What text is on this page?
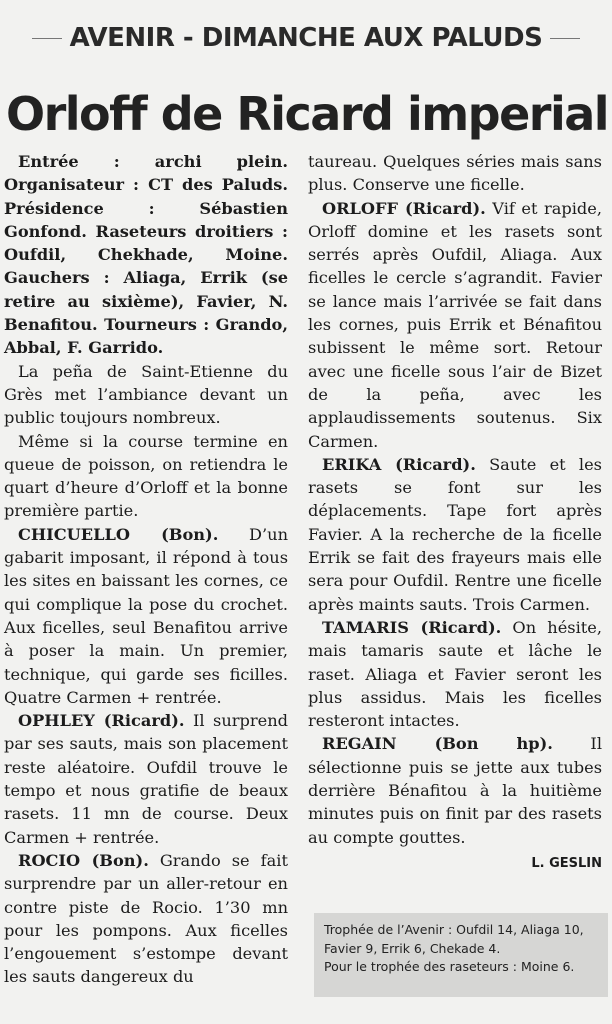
AVENIR - DIMANCHE AUX PALUDS
Orloff de Ricard imperial

Entrée : archi plein. Organisateur : CT des Paluds. Présidence : Sébastien Gonfond. Raseteurs droitiers : Oufdil, Chekhade, Moine. Gauchers : Aliaga, Errik (se retire au sixième), Favier, N. Benafitou. Tourneurs : Grando, Abbal, F. Garrido.

La peña de Saint-Etienne du Grès met l’ambiance devant un public toujours nombreux.

Même si la course termine en queue de poisson, on retiendra le quart d’heure d’Orloff et la bonne première partie.

CHICUELLO (Bon). D’un gabarit imposant, il répond à tous les sites en baissant les cornes, ce qui complique la pose du crochet. Aux ficelles, seul Benafitou arrive à poser la main. Un premier, technique, qui garde ses ficilles. Quatre Carmen + rentrée.

OPHLEY (Ricard). Il surprend par ses sauts, mais son placement reste aléatoire. Oufdil trouve le tempo et nous gratifie de beaux rasets. 11 mn de course. Deux Carmen + rentrée.

ROCIO (Bon). Grando se fait surprendre par un aller-retour en contre piste de Rocio. 1’30 mn pour les pompons. Aux ficelles l’engouement s’estompe devant les sauts dangereux du

taureau. Quelques séries mais sans plus. Conserve une ficelle.

ORLOFF (Ricard). Vif et rapide, Orloff domine et les rasets sont serrés après Oufdil, Aliaga. Aux ficelles le cercle s’agrandit. Favier se lance mais l’arrivée se fait dans les cornes, puis Errik et Bénafitou subissent le même sort. Retour avec une ficelle sous l’air de Bizet de la peña, avec les applaudissements soutenus. Six Carmen.

ERIKA (Ricard). Saute et les rasets se font sur les déplacements. Tape fort après Favier. A la recherche de la ficelle Errik se fait des frayeurs mais elle sera pour Oufdil. Rentre une ficelle après maints sauts. Trois Carmen.

TAMARIS (Ricard). On hésite, mais tamaris saute et lâche le raset. Aliaga et Favier seront les plus assidus. Mais les ficelles resteront intactes.

REGAIN (Bon hp). Il sélectionne puis se jette aux tubes derrière Bénafitou à la huitième minutes puis on finit par des rasets au compte gouttes.

L. GESLIN

Trophée de l’Avenir : Oufdil 14, Aliaga 10, Favier 9, Errik 6, Chekade 4.

Pour le trophée des raseteurs : Moine 6.
